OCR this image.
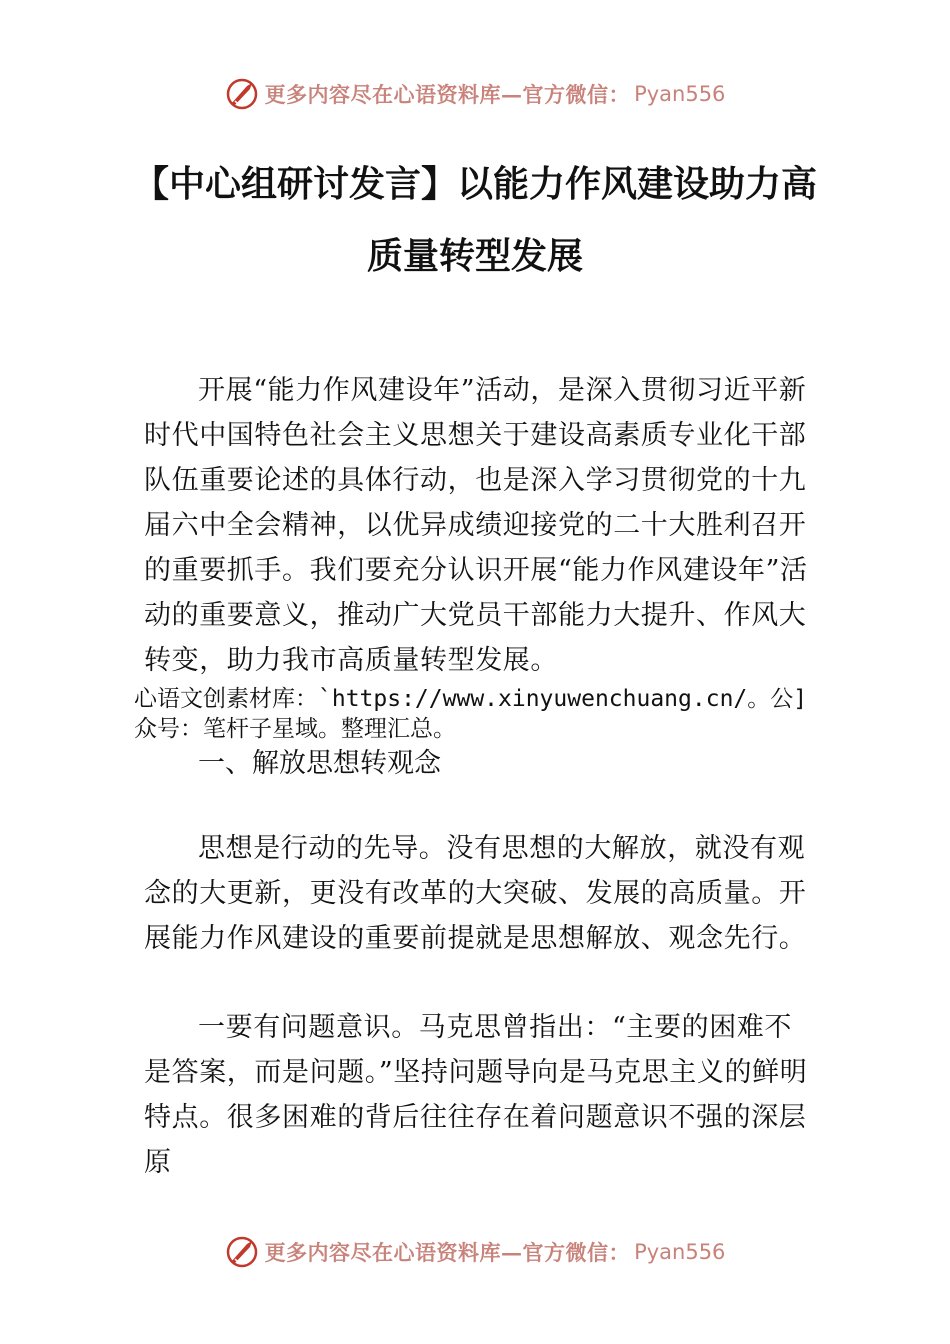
更多内容尽在心语资料库—官方微信： Pyan556
【中心组研讨发言】以能力作风建设助力高
质量转型发展

开展“能力作风建设年”活动，是深入贯彻习近平新时代中国特色社会主义思想关于建设高素质专业化干部队伍重要论述的具体行动，也是深入学习贯彻党的十九届六中全会精神，以优异成绩迎接党的二十大胜利召开的重要抓手。我们要充分认识开展“能力作风建设年”活动的重要意义，推动广大党员干部能力大提升、作风大转变，助力我市高质量转型发展。

心语文创素材库：`https://www.xinyuwenchuang.cn/。公]
众号：笔杆子星域。整理汇总。
一、解放思想转观念

思想是行动的先导。没有思想的大解放，就没有观念的大更新，更没有改革的大突破、发展的高质量。开展能力作风建设的重要前提就是思想解放、观念先行。

一要有问题意识。马克思曾指出：“主要的困难不是答案，而是问题。”坚持问题导向是马克思主义的鲜明特点。很多困难的背后往往存在着问题意识不强的深层原

更多内容尽在心语资料库—官方微信： Pyan556
